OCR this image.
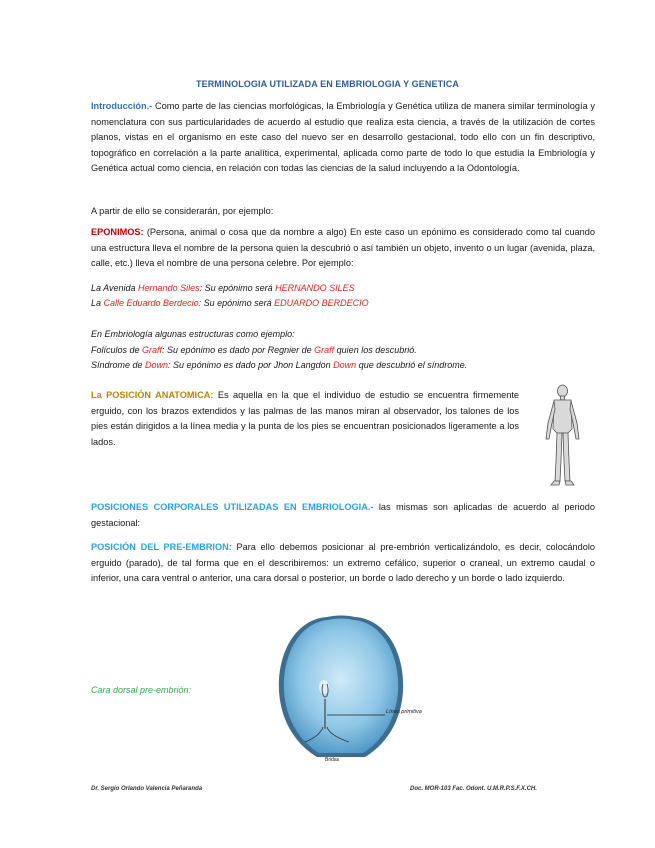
TERMINOLOGIA UTILIZADA EN EMBRIOLOGIA Y GENETICA
Introducción.- Como parte de las ciencias morfológicas, la Embriología y Genética utiliza de manera similar terminología y nomenclatura con sus particularidades de acuerdo al estudio que realiza esta ciencia, a través de la utilización de cortes planos, vistas en el organismo en este caso del nuevo ser en desarrollo gestacional, todo ello con un fin descriptivo, topográfico en correlación a la parte analítica, experimental, aplicada como parte de todo lo que estudia la Embriología y Genética actual como ciencia, en relación con todas las ciencias de la salud incluyendo a la Odontología.
A partir de ello se considerarán, por ejemplo:
EPONIMOS: (Persona, animal o cosa que da nombre a algo) En este caso un epónimo es considerado como tal cuando una estructura lleva el nombre de la persona quien la descubrió o así también un objeto, invento o un lugar (avenida, plaza, calle, etc.) lleva el nombre de una persona celebre. Por ejemplo:
La Avenida Hernando Siles: Su epónimo será HERNANDO SILES
La Calle Eduardo Berdecio: Su epónimo será EDUARDO BERDECIO
En Embriología algunas estructuras como ejemplo:
Folículos de Graff: Su epónimo es dado por Regnier de Graff quien los descubrió.
Síndrome de Down: Su epónimo es dado por Jhon Langdon Down que descubrió el síndrome.
La POSICIÓN ANATOMICA: Es aquella en la que el individuo de estudio se encuentra firmemente erguido, con los brazos extendidos y las palmas de las manos miran al observador, los talones de los pies están dirigidos a la línea media y la punta de los pies se encuentran posicionados ligeramente a los lados.
POSICIONES CORPORALES UTILIZADAS EN EMBRIOLOGIA.- las mismas son aplicadas de acuerdo al periodo gestacional:
POSICIÓN DEL PRE-EMBRION: Para ello debemos posicionar al pre-embrión verticalizándolo, es decir, colocándolo erguido (parado), de tal forma que en el describiremos: un extremo cefálico, superior o craneal, un extremo caudal o inferior, una cara ventral o anterior, una cara dorsal o posterior, un borde o lado derecho y un borde o lado izquierdo.
Cara dorsal pre-embrión:
Línea primitiva
Bridas
Dr. Sergio Orlando Valencia Peñaranda	Doc. MOR-103 Fac. Odont. U.M.R.P.S.F.X.CH.
